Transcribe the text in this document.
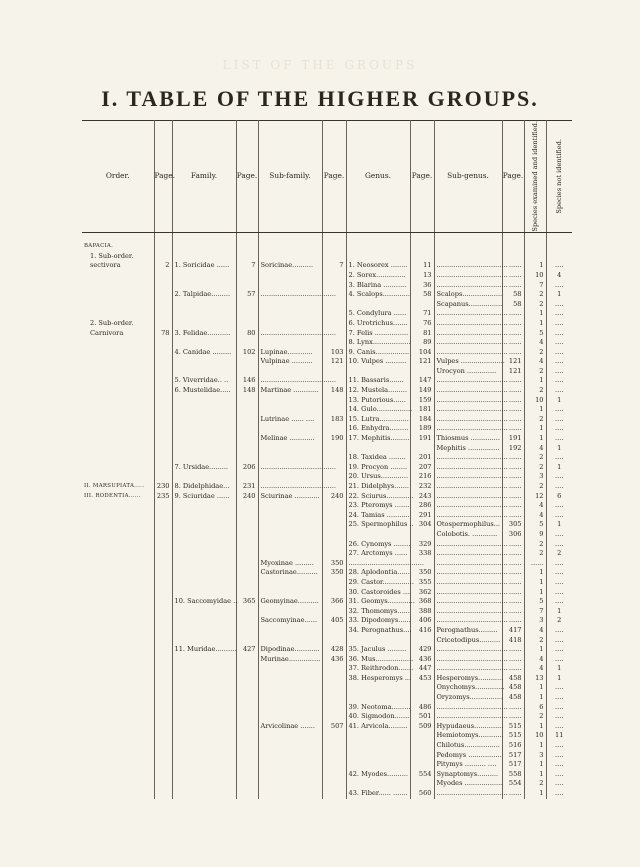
LIST OF THE GROUPS
I. TABLE OF THE HIGHER GROUPS.
Order.	Page.	Family.	Page.	Sub-family.	Page.	Genus.	Page.	Sub-genus.	Page.	Species examined and identified.	Species not identified.

BAPACIA.											
1. Sub-order.											
sectivora	2	1. Soricidae ......	7	Soricinae..........	7	1. Neosorex ........	11	..................................	......	1	....
						2. Sorex..............	13	..................................	......	10	4
						3. Blarina ...........	36	..................................	......	7	....
		2. Talpidae.........	57	....................................		4. Scalops.............	58	Scalops...................	58	2	1
								Scapanus................	58	2	....
						5. Condylura ......	71	..................................	......	1	....
2. Sub-order.						6. Urotrichus.......	76	..................................	......	1	....
Carnivora	78	3. Felidae...........	80	....................................		7. Felis ................	81	..................................	......	5	....
						8. Lynx..................	89	..................................	......	4	....
		4. Canidae .........	102	Lupinae............	103	9. Canis................	104	..................................	......	2	....
				Vulpinae ..........	121	10. Vulpes ..........	121	Vulpes .....................	121	4	....
								Urocyon ..............	121	2	....
		5. Viverridae.. ..	146	....................................		11. Bassaris.......	147	..................................	......	1	....
		6. Mustelidae.....	148	Martinae ............	148	12. Mustela.........	149	..................................	......	2	....
						13. Putorious......	159	..................................	......	10	1
						14. Gulo.................	181	..................................	......	1	....
				Lutrinae ...... ....	183	15. Lutra..............	184	..................................	......	2	....
						16. Enhydra.........	189	..................................	......	1	....
				Melinae ............	190	17. Mephitis.........	191	Thiosmus ..............	191	1	....
								Mephitis ...............	192	4	1
						18. Taxidea ........	201	..................................	......	2	....
		7. Ursidae.........	206	....................................		19. Procyon ........	207	..................................	......	2	1
						20. Ursus.............	216	..................................	......	3	....
II. MARSUPIATA.....	230	8. Didelphidae...	231	....................................		21. Didelphys.......	232	..................................	......	2	....
III. RODENTIA......	235	9. Sciuridae ......	240	Sciurinae ............	240	22. Sciurus.............	243	..................................	......	12	6
						23. Pteromys .......	286	..................................	......	4	....
						24. Tamias ...........	291	..................................	......	4	....
						25. Spermophilus ..	304	Otospermophilus...	305	5	1
								Colobotis. ............	306	9	....
						26. Cynomys ........	329	..................................	......	2	....
						27. Arctomys ......	338	..................................	......	2	2
				Myoxinae .........	350	....................................		..................................	......	......	....
				Castorinae..........	350	28. Aplodontia......	350	..................................	......	1	....
						29. Castor...............	355	..................................	......	1	....
						30. Castoroides ....	362	..................................	......	1	....
		10. Saccomyidae ..	365	Geomyinae..........	366	31. Geomys.............	368	..................................	......	5	....
						32. Thomomys......	388	..................................	......	7	1
				Saccomyinae......	405	33. Dipodomys......	406	..................................	......	3	2
						34. Perognathus....	416	Perognathus.........	417	4	....
								Cricetodipus..........	418	2	....
		11. Muridae..........	427	Dipodinae............	428	35. Jaculus .........	429	..................................	......	1	....
				Murinae...............	436	36. Mus..................	436	..................................	......	4	....
						37. Reithrodon.......	447	..................................	......	4	1
						38. Hesperomys ...	453	Hesperomys............	458	13	1
								Onychomys..............	458	1	....
								Oryzomys................	458	1	....
						39. Neotoma.........	486	..................................	......	6	....
						40. Sigmodon.......	501	..................................	......	2	....
				Arvicolinae .......	507	41. Arvicola.........	509	Hypudaeus..............	515	1	....
								Hemiotomys............	515	10	11
								Chilotus.................	516	1	....
								Pedomys ................	517	3	....
								Pitymys .......... ....	517	1	....
						42. Myodes..........	554	Synaptomys..........	558	1	....
								Myodes ..................	554	2	....
						43. Fiber...... .......	560	..................................	......	1	....
